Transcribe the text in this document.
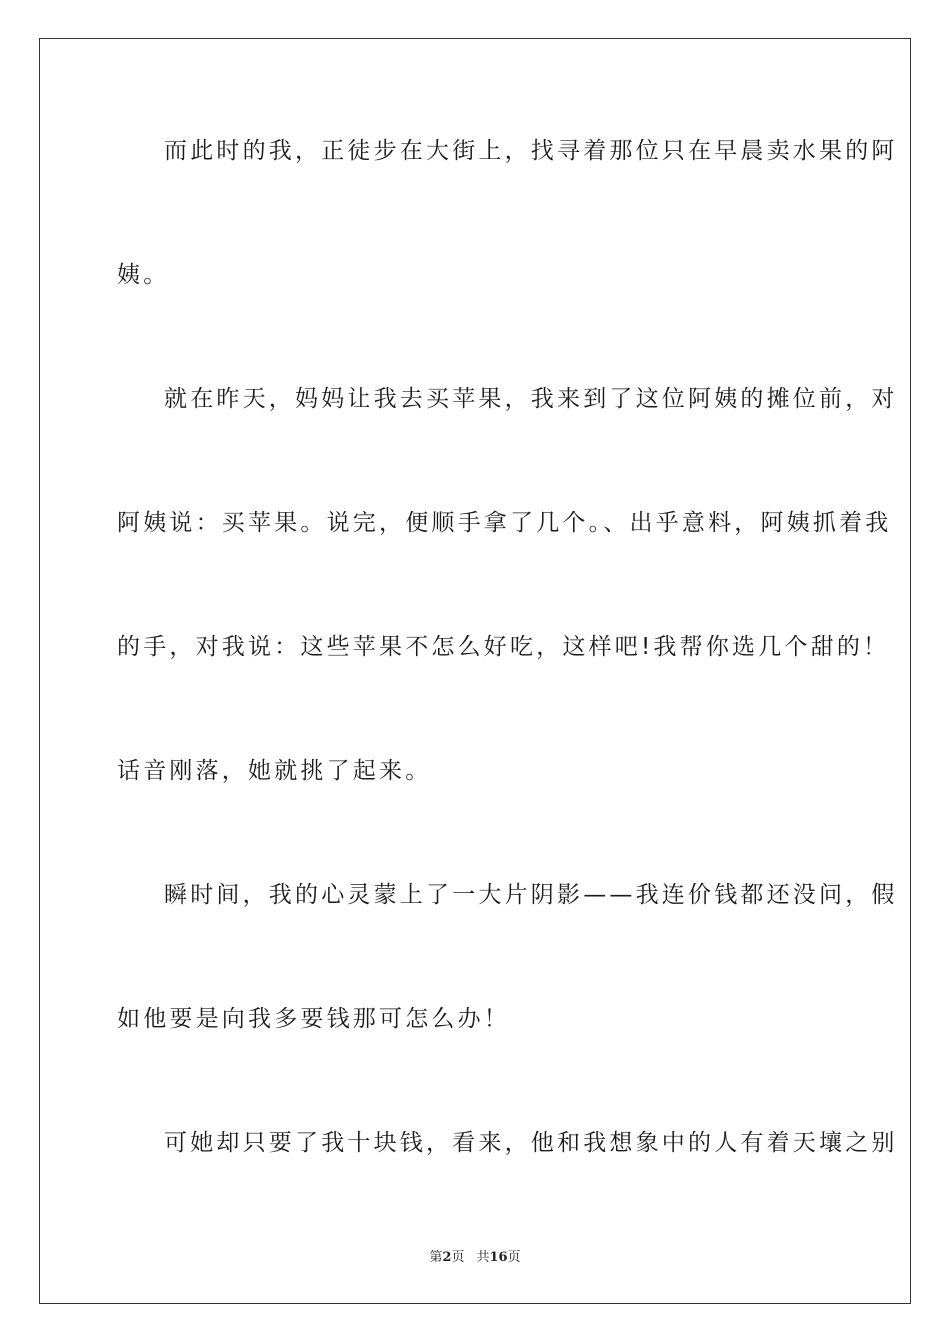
而此时的我，正徒步在大街上，找寻着那位只在早晨卖水果的阿
姨。
就在昨天，妈妈让我去买苹果，我来到了这位阿姨的摊位前，对
阿姨说：买苹果。说完，便顺手拿了几个。、出乎意料，阿姨抓着我
的手，对我说：这些苹果不怎么好吃，这样吧!我帮你选几个甜的！
话音刚落，她就挑了起来。
瞬时间，我的心灵蒙上了一大片阴影——我连价钱都还没问，假
如他要是向我多要钱那可怎么办！
可她却只要了我十块钱，看来，他和我想象中的人有着天壤之别
第2页 共16页
